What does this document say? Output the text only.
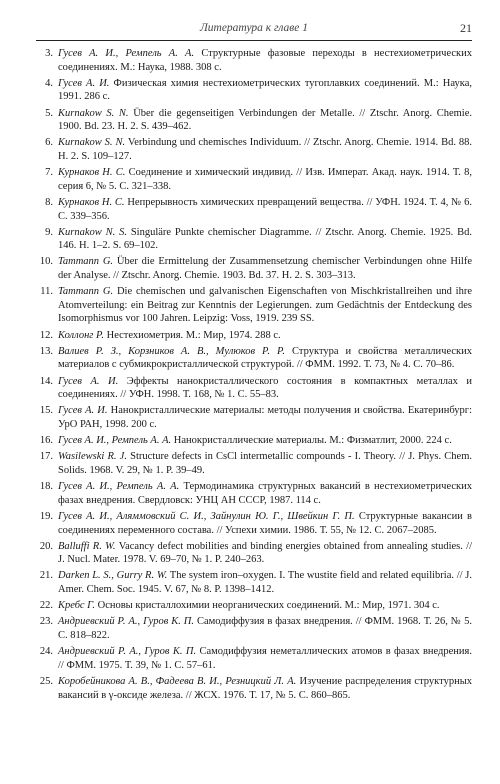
Литература к главе 1	21
3. Гусев А. И., Ремпель А. А. Структурные фазовые переходы в нестехиометрических соединениях. М.: Наука, 1988. 308 с.
4. Гусев А. И. Физическая химия нестехиометрических тугоплавких соединений. М.: Наука, 1991. 286 с.
5. Kurnakow S. N. Über die gegenseitigen Verbindungen der Metalle. // Ztschr. Anorg. Chemie. 1900. Bd. 23. H. 2. S. 439–462.
6. Kurnakow S. N. Verbindung und chemisches Individuum. // Ztschr. Anorg. Chemie. 1914. Bd. 88. H. 2. S. 109–127.
7. Курнаков Н. С. Соединение и химический индивид. // Изв. Императ. Акад. наук. 1914. Т. 8, серия 6, № 5. С. 321–338.
8. Курнаков Н. С. Непрерывность химических превращений вещества. // УФН. 1924. Т. 4, № 6. С. 339–356.
9. Kurnakow N. S. Singuläre Punkte chemischer Diagramme. // Ztschr. Anorg. Chemie. 1925. Bd. 146. H. 1–2. S. 69–102.
10. Tammann G. Über die Ermittelung der Zusammensetzung chemischer Verbindungen ohne Hilfe der Analyse. // Ztschr. Anorg. Chemie. 1903. Bd. 37. H. 2. S. 303–313.
11. Tammann G. Die chemischen und galvanischen Eigenschaften von Mischkristallreihen und ihre Atomverteilung: ein Beitrag zur Kenntnis der Legierungen. zum Gedächtnis der Entdeckung des Isomorphismus vor 100 Jahren. Leipzig: Voss, 1919. 239 SS.
12. Коллонг Р. Нестехиометрия. М.: Мир, 1974. 288 с.
13. Валиев Р. З., Корзников А. В., Мулюков Р. Р. Структура и свойства металлических материалов с субмикрокристаллической структурой. // ФММ. 1992. Т. 73, № 4. С. 70–86.
14. Гусев А. И. Эффекты нанокристаллического состояния в компактных металлах и соединениях. // УФН. 1998. Т. 168, № 1. С. 55–83.
15. Гусев А. И. Нанокристаллические материалы: методы получения и свойства. Екатеринбург: УрО РАН, 1998. 200 с.
16. Гусев А. И., Ремпель А. А. Нанокристаллические материалы. М.: Физматлит, 2000. 224 с.
17. Wasilewski R. J. Structure defects in CsCl intermetallic compounds - I. Theory. // J. Phys. Chem. Solids. 1968. V. 29, № 1. P. 39–49.
18. Гусев А. И., Ремпель А. А. Термодинамика структурных вакансий в нестехиометрических фазах внедрения. Свердловск: УНЦ АН СССР, 1987. 114 с.
19. Гусев А. И., Аляммовский С. И., Зайнулин Ю. Г., Швейкин Г. П. Структурные вакансии в соединениях переменного состава. // Успехи химии. 1986. Т. 55, № 12. С. 2067–2085.
20. Balluffi R. W. Vacancy defect mobilities and binding energies obtained from annealing studies. // J. Nucl. Mater. 1978. V. 69–70, № 1. P. 240–263.
21. Darken L. S., Gurry R. W. The system iron–oxygen. I. The wustite field and related equilibria. // J. Amer. Chem. Soc. 1945. V. 67, № 8. P. 1398–1412.
22. Кребс Г. Основы кристаллохимии неорганических соединений. М.: Мир, 1971. 304 с.
23. Андриевский Р. А., Гуров К. П. Самодиффузия в фазах внедрения. // ФММ. 1968. Т. 26, № 5. С. 818–822.
24. Андриевский Р. А., Гуров К. П. Самодиффузия неметаллических атомов в фазах внедрения. // ФММ. 1975. Т. 39, № 1. С. 57–61.
25. Коробейникова А. В., Фадеева В. И., Резницкий Л. А. Изучение распределения структурных вакансий в γ-оксиде железа. // ЖСХ. 1976. Т. 17, № 5. С. 860–865.
